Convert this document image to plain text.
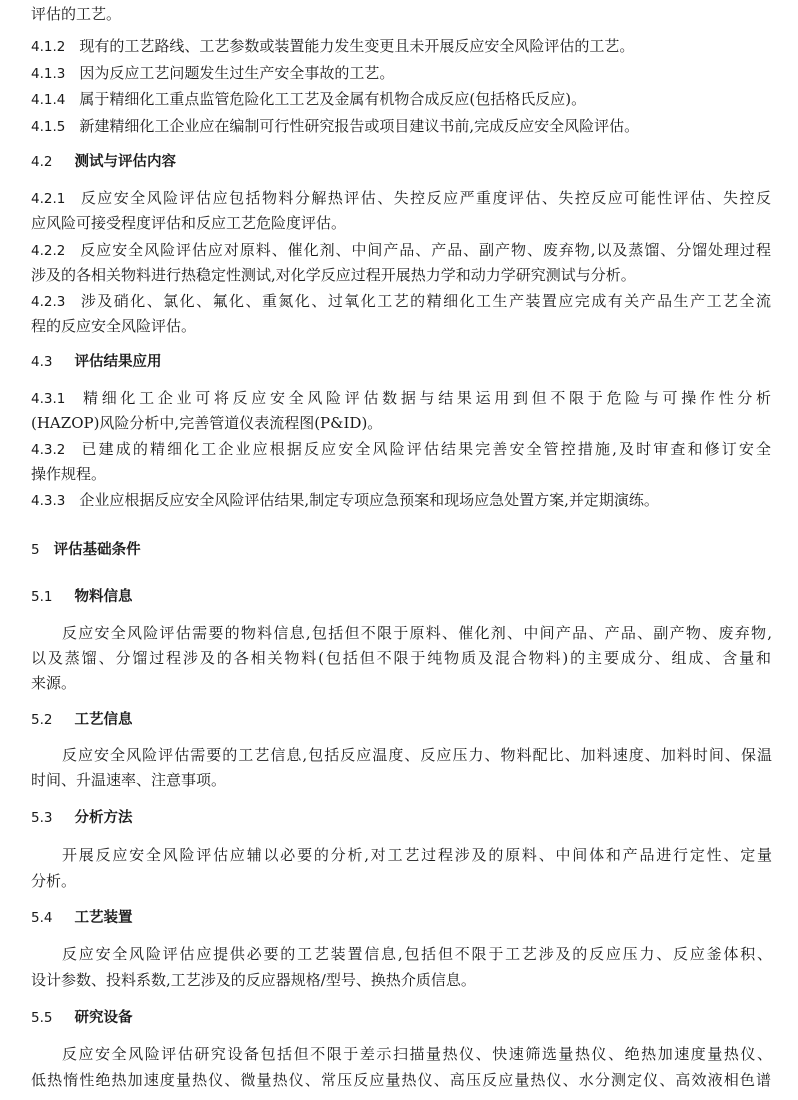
评估的工艺。
4.1.2 现有的工艺路线、工艺参数或装置能力发生变更且未开展反应安全风险评估的工艺。
4.1.3 因为反应工艺问题发生过生产安全事故的工艺。
4.1.4 属于精细化工重点监管危险化工工艺及金属有机物合成反应(包括格氏反应)。
4.1.5 新建精细化工企业应在编制可行性研究报告或项目建议书前,完成反应安全风险评估。
4.2 测试与评估内容
4.2.1 反应安全风险评估应包括物料分解热评估、失控反应严重度评估、失控反应可能性评估、失控反
应风险可接受程度评估和反应工艺危险度评估。
4.2.2 反应安全风险评估应对原料、催化剂、中间产品、产品、副产物、废弃物,以及蒸馏、分馏处理过程
涉及的各相关物料进行热稳定性测试,对化学反应过程开展热力学和动力学研究测试与分析。
4.2.3 涉及硝化、氯化、氟化、重氮化、过氧化工艺的精细化工生产装置应完成有关产品生产工艺全流
程的反应安全风险评估。
4.3 评估结果应用
4.3.1 精细化工企业可将反应安全风险评估数据与结果运用到但不限于危险与可操作性分析
(HAZOP)风险分析中,完善管道仪表流程图(P&ID)。
4.3.2 已建成的精细化工企业应根据反应安全风险评估结果完善安全管控措施,及时审查和修订安全
操作规程。
4.3.3 企业应根据反应安全风险评估结果,制定专项应急预案和现场应急处置方案,并定期演练。
5 评估基础条件
5.1 物料信息
反应安全风险评估需要的物料信息,包括但不限于原料、催化剂、中间产品、产品、副产物、废弃物,
以及蒸馏、分馏过程涉及的各相关物料(包括但不限于纯物质及混合物料)的主要成分、组成、含量和
来源。
5.2 工艺信息
反应安全风险评估需要的工艺信息,包括反应温度、反应压力、物料配比、加料速度、加料时间、保温
时间、升温速率、注意事项。
5.3 分析方法
开展反应安全风险评估应辅以必要的分析,对工艺过程涉及的原料、中间体和产品进行定性、定量
分析。
5.4 工艺装置
反应安全风险评估应提供必要的工艺装置信息,包括但不限于工艺涉及的反应压力、反应釜体积、
设计参数、投料系数,工艺涉及的反应器规格/型号、换热介质信息。
5.5 研究设备
反应安全风险评估研究设备包括但不限于差示扫描量热仪、快速筛选量热仪、绝热加速度量热仪、
低热惰性绝热加速度量热仪、微量热仪、常压反应量热仪、高压反应量热仪、水分测定仪、高效液相色谱
